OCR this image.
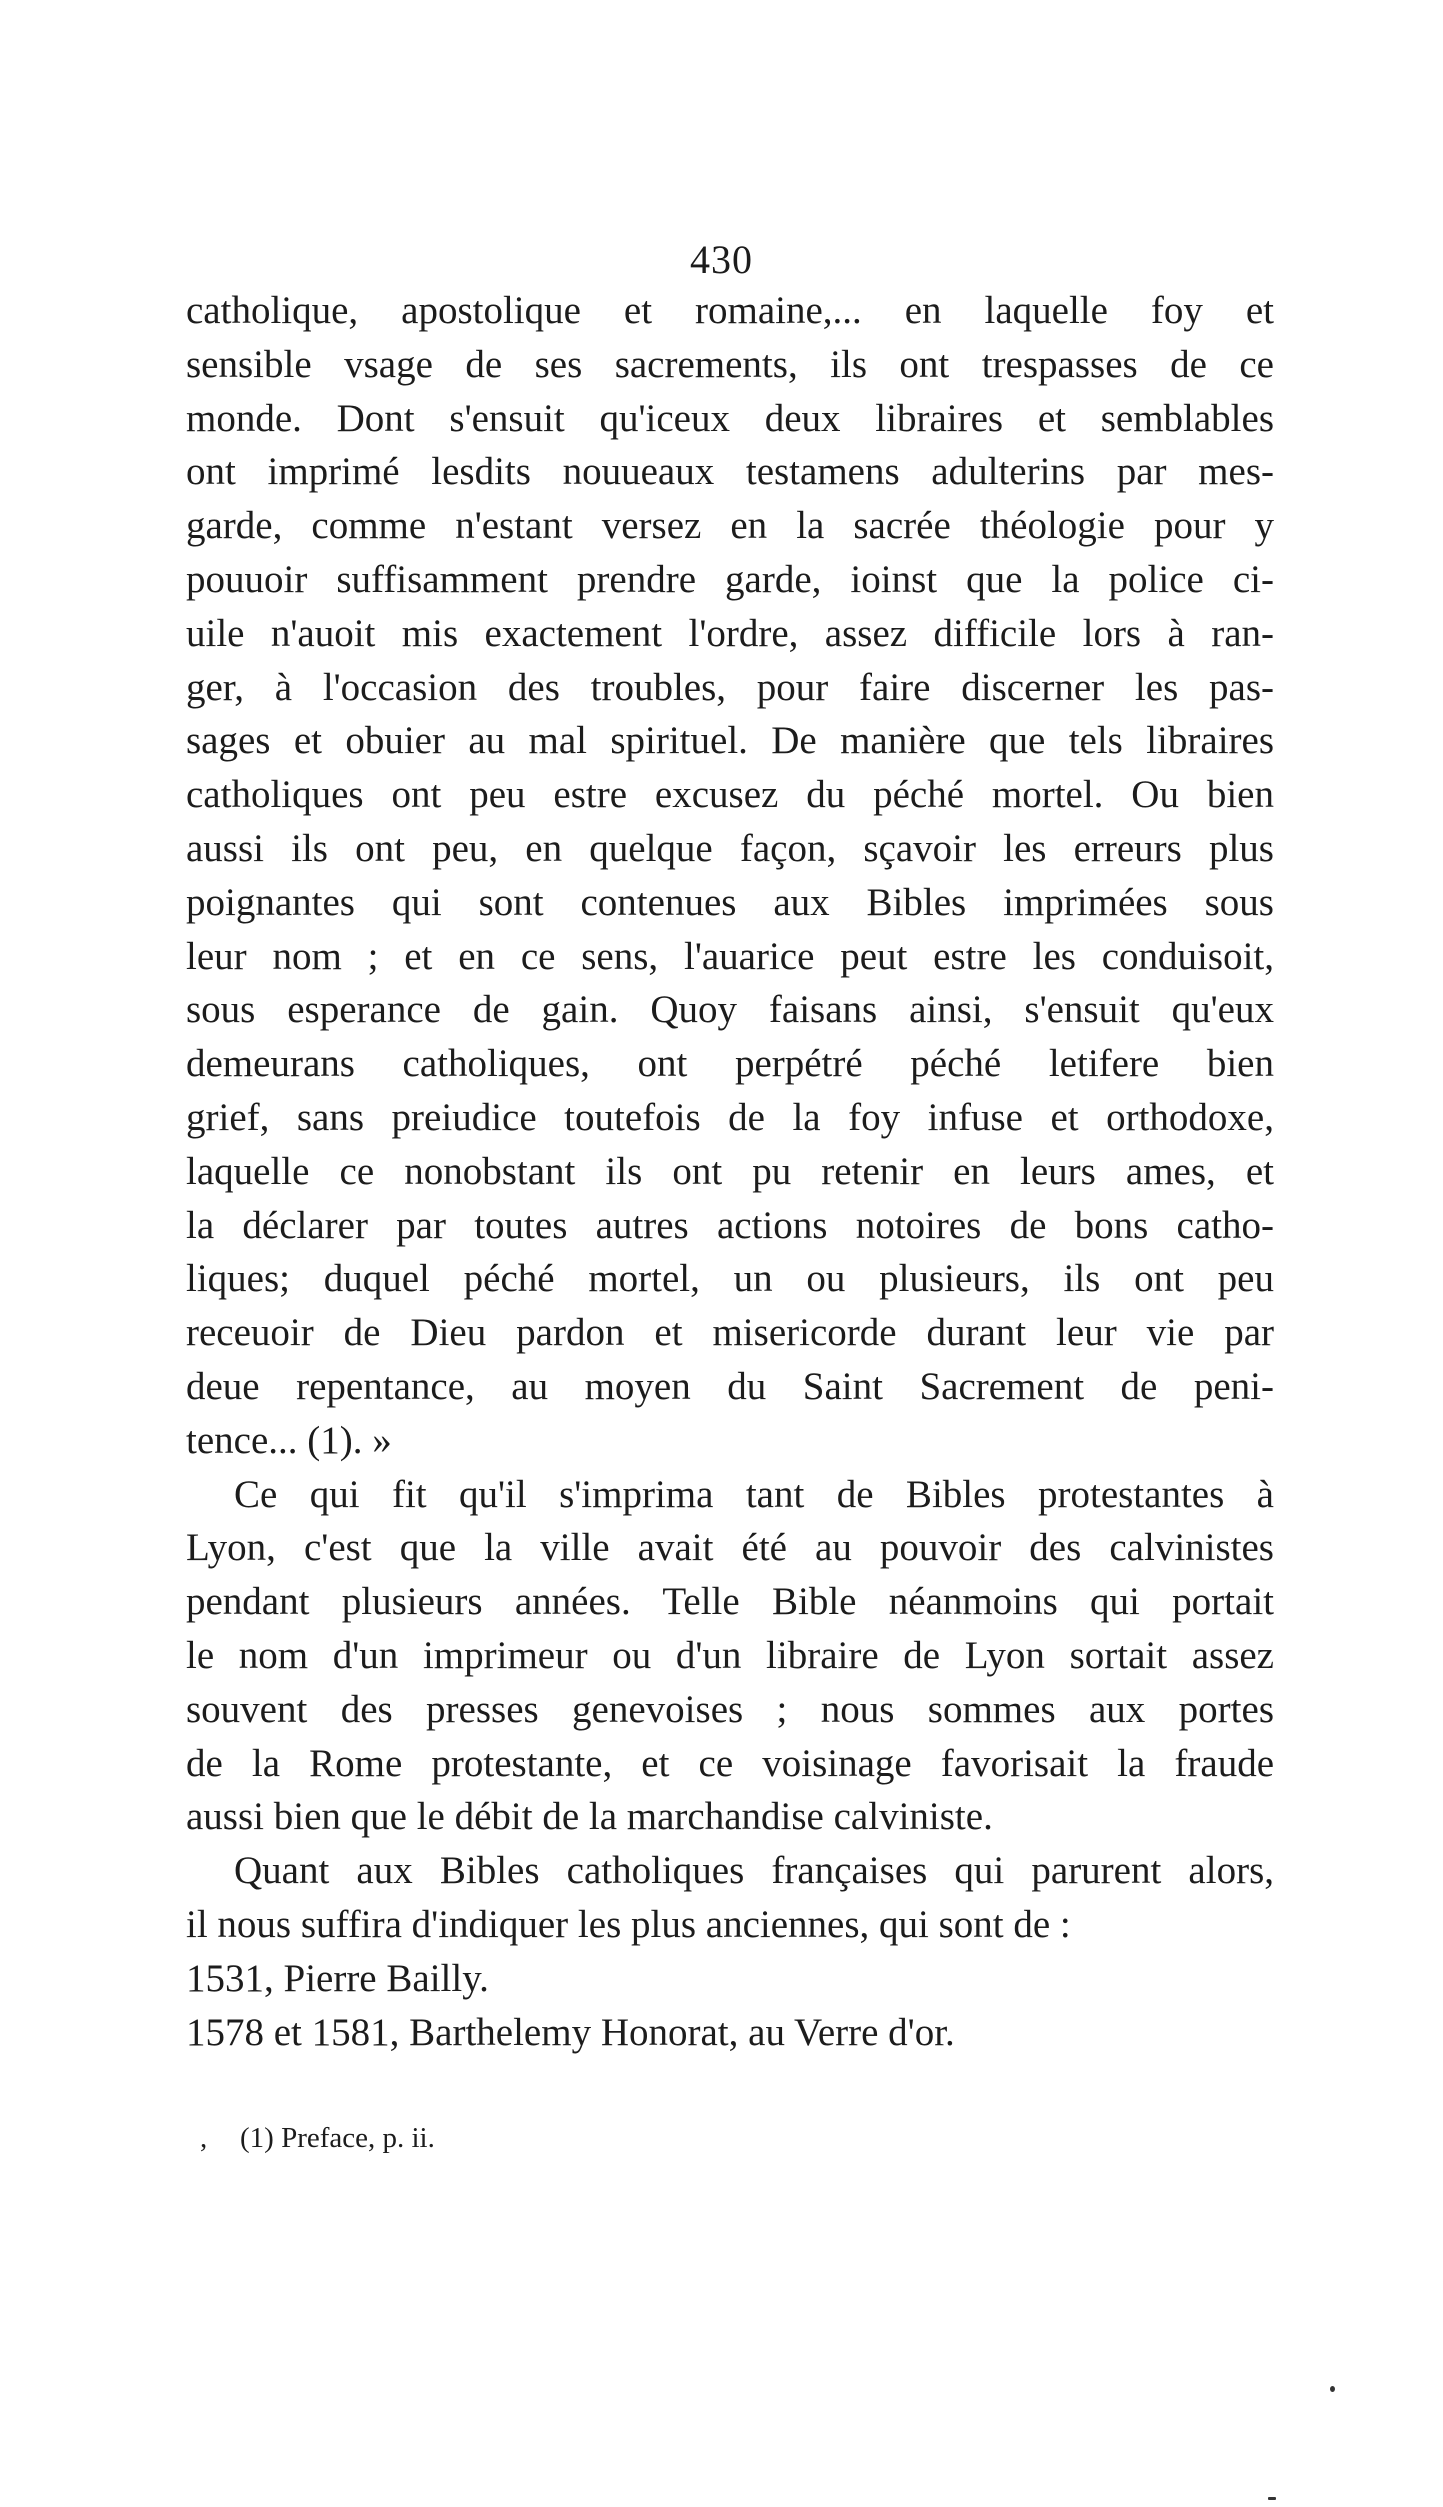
430
catholique, apostolique et romaine,... en laquelle foy et
sensible vsage de ses sacrements, ils ont trespasses de ce
monde. Dont s'ensuit qu'iceux deux libraires et semblables
ont imprimé lesdits nouueaux testamens adulterins par mes-
garde, comme n'estant versez en la sacrée théologie pour y
pouuoir suffisamment prendre garde, ioinst que la police ci-
uile n'auoit mis exactement l'ordre, assez difficile lors à ran-
ger, à l'occasion des troubles, pour faire discerner les pas-
sages et obuier au mal spirituel. De manière que tels libraires
catholiques ont peu estre excusez du péché mortel. Ou bien
aussi ils ont peu, en quelque façon, sçavoir les erreurs plus
poignantes qui sont contenues aux Bibles imprimées sous
leur nom ; et en ce sens, l'auarice peut estre les conduisoit,
sous esperance de gain. Quoy faisans ainsi, s'ensuit qu'eux
demeurans catholiques, ont perpétré péché letifere bien
grief, sans preiudice toutefois de la foy infuse et orthodoxe,
laquelle ce nonobstant ils ont pu retenir en leurs ames, et
la déclarer par toutes autres actions notoires de bons catho-
liques; duquel péché mortel, un ou plusieurs, ils ont peu
receuoir de Dieu pardon et misericorde durant leur vie par
deue repentance, au moyen du Saint Sacrement de peni-
tence... (1). »
Ce qui fit qu'il s'imprima tant de Bibles protestantes à
Lyon, c'est que la ville avait été au pouvoir des calvinistes
pendant plusieurs années. Telle Bible néanmoins qui portait
le nom d'un imprimeur ou d'un libraire de Lyon sortait assez
souvent des presses genevoises ; nous sommes aux portes
de la Rome protestante, et ce voisinage favorisait la fraude
aussi bien que le débit de la marchandise calviniste.
Quant aux Bibles catholiques françaises qui parurent alors,
il nous suffira d'indiquer les plus anciennes, qui sont de :
1531, Pierre Bailly.
1578 et 1581, Barthelemy Honorat, au Verre d'or.
, (1) Preface, p. ii.
